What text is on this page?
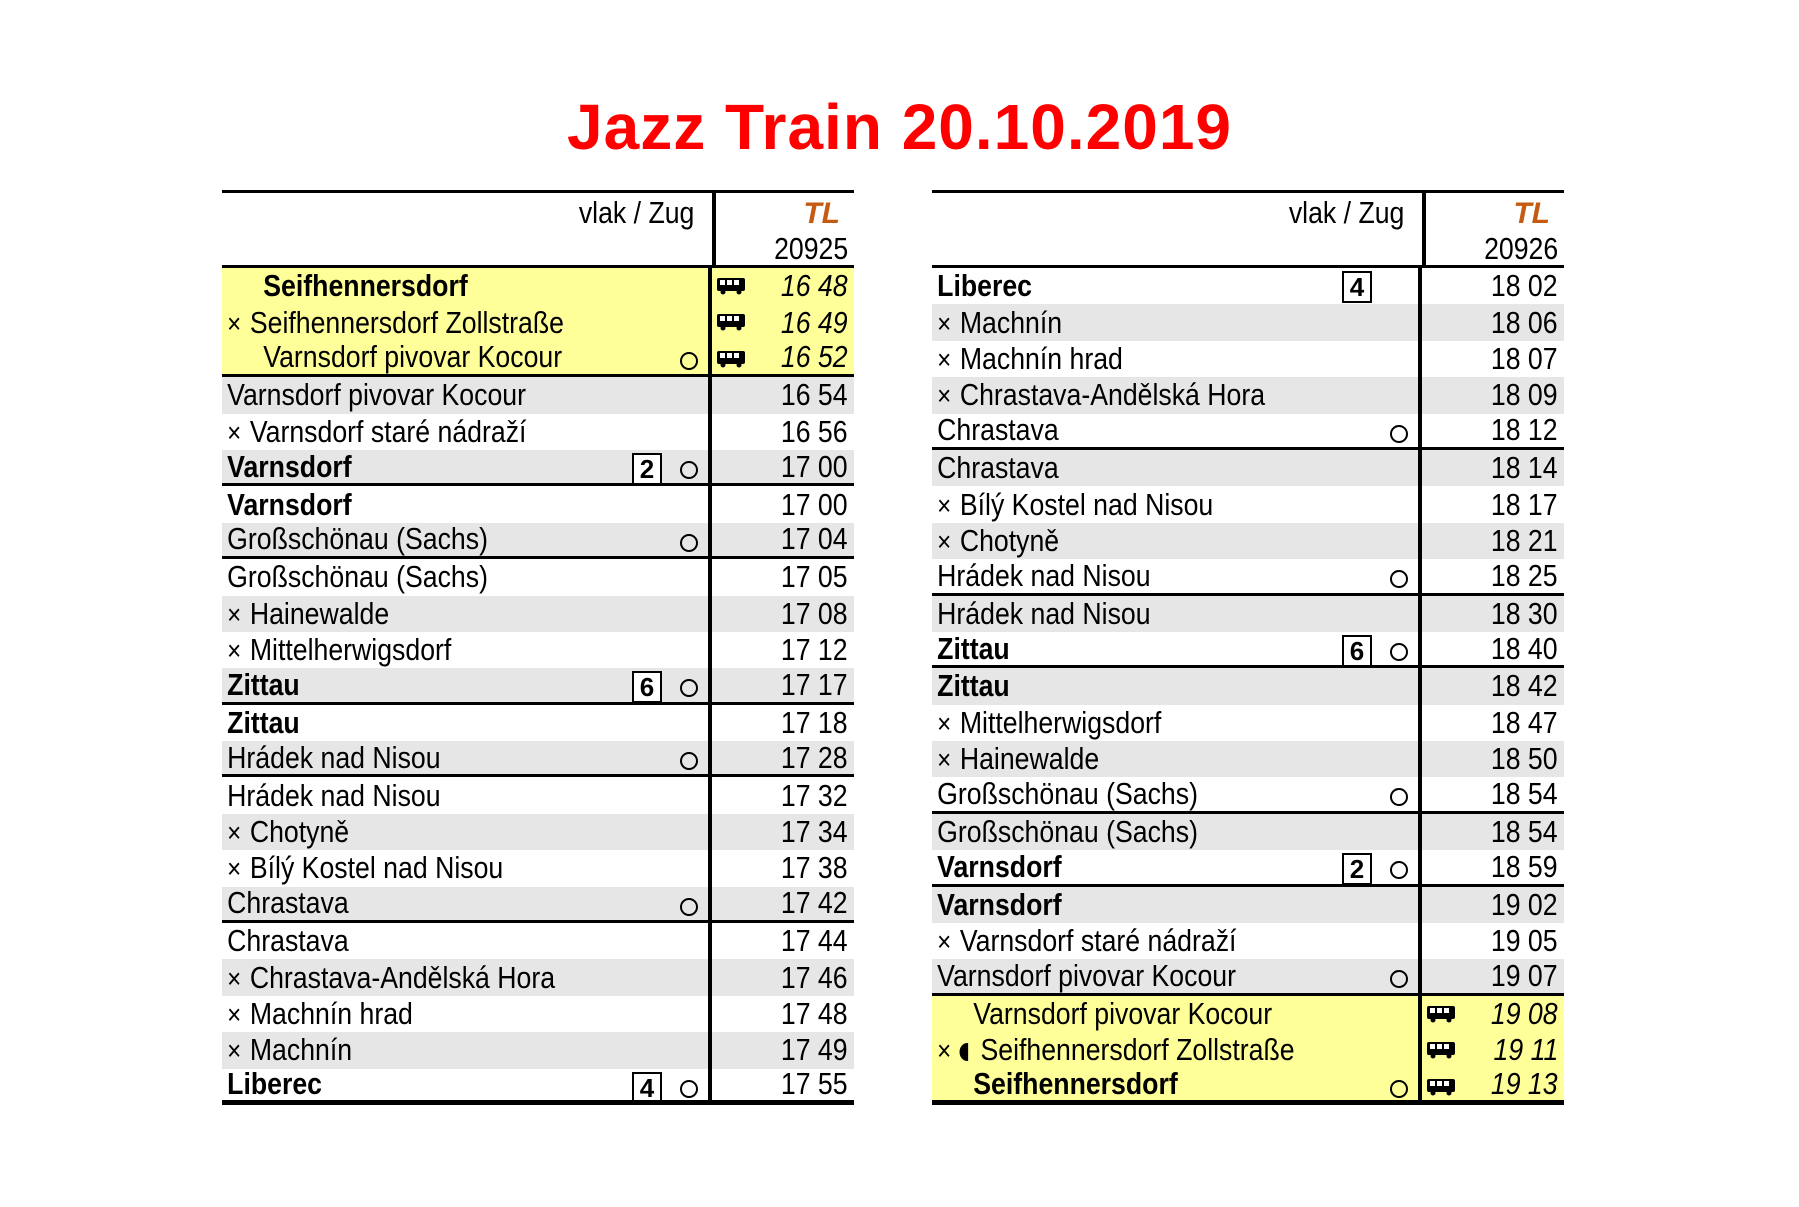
Jazz Train 20.10.2019
vlak / Zug	TL
20925
Seifhennersdorf	16 48
× Seifhennersdorf Zollstraße	16 49
Varnsdorf pivovar Kocour	16 52
Varnsdorf pivovar Kocour	16 54
× Varnsdorf staré nádraží	16 56
Varnsdorf	2	17 00
Varnsdorf	17 00
Großschönau (Sachs)	17 04
Großschönau (Sachs)	17 05
× Hainewalde	17 08
× Mittelherwigsdorf	17 12
Zittau	6	17 17
Zittau	17 18
Hrádek nad Nisou	17 28
Hrádek nad Nisou	17 32
× Chotyně	17 34
× Bílý Kostel nad Nisou	17 38
Chrastava	17 42
Chrastava	17 44
× Chrastava-Andělská Hora	17 46
× Machnín hrad	17 48
× Machnín	17 49
Liberec	4	17 55
vlak / Zug	TL
20926
Liberec	4	18 02
× Machnín	18 06
× Machnín hrad	18 07
× Chrastava-Andělská Hora	18 09
Chrastava	18 12
Chrastava	18 14
× Bílý Kostel nad Nisou	18 17
× Chotyně	18 21
Hrádek nad Nisou	18 25
Hrádek nad Nisou	18 30
Zittau	6	18 40
Zittau	18 42
× Mittelherwigsdorf	18 47
× Hainewalde	18 50
Großschönau (Sachs)	18 54
Großschönau (Sachs)	18 54
Varnsdorf	2	18 59
Varnsdorf	19 02
× Varnsdorf staré nádraží	19 05
Varnsdorf pivovar Kocour	19 07
Varnsdorf pivovar Kocour	19 08
× Seifhennersdorf Zollstraße	19 11
Seifhennersdorf	19 13
